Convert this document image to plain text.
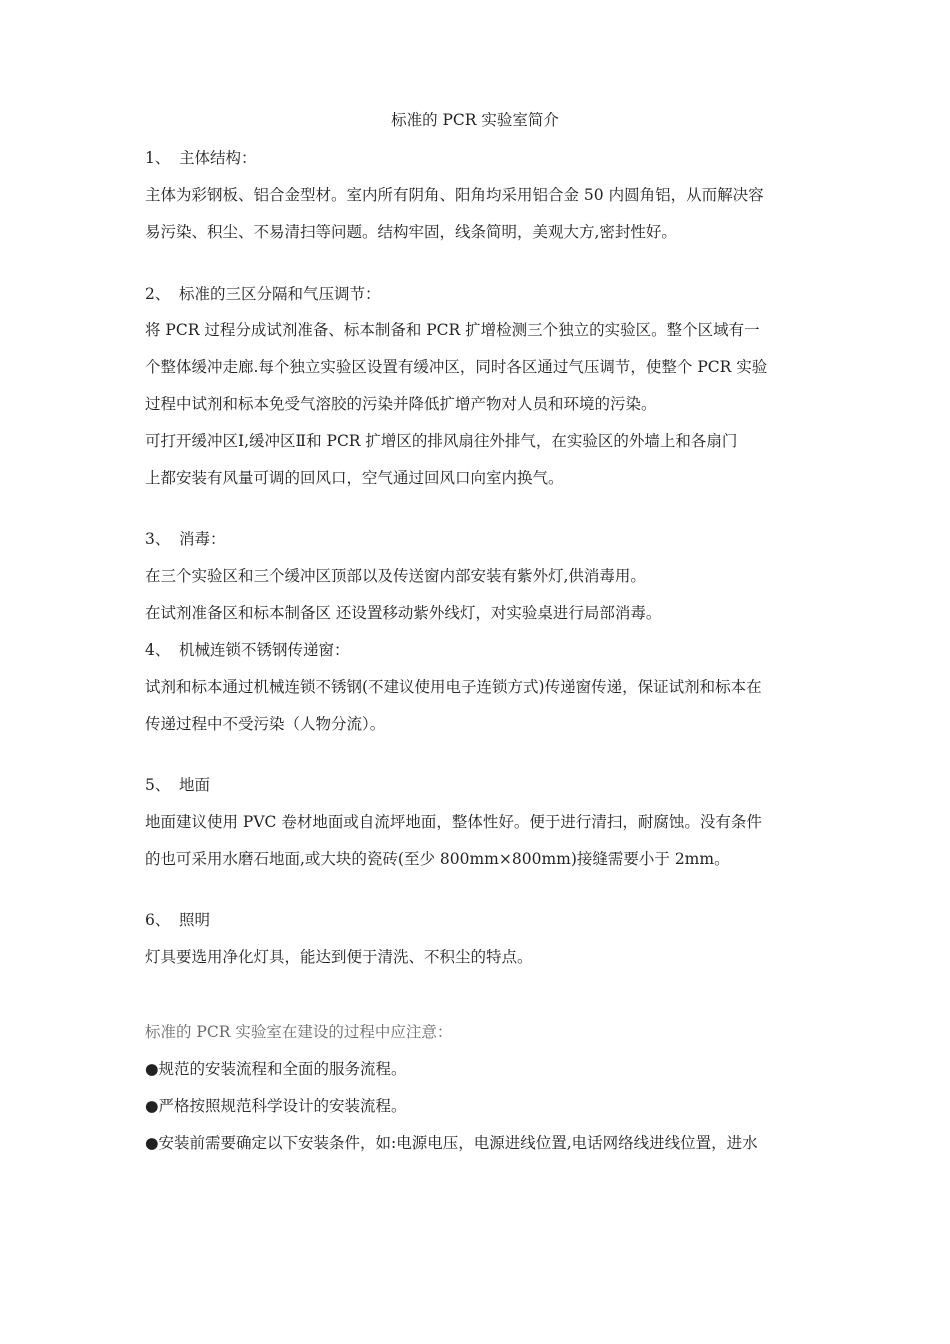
标准的 PCR 实验室简介
1、 主体结构：
主体为彩钢板、铝合金型材。室内所有阴角、阳角均采用铝合金 50 内圆角铝，从而解决容
易污染、积尘、不易清扫等问题。结构牢固，线条简明，美观大方,密封性好。
2、 标准的三区分隔和气压调节：
将 PCR 过程分成试剂准备、标本制备和 PCR 扩增检测三个独立的实验区。整个区域有一
个整体缓冲走廊.每个独立实验区设置有缓冲区，同时各区通过气压调节，使整个 PCR 实验
过程中试剂和标本免受气溶胶的污染并降低扩增产物对人员和环境的污染。
可打开缓冲区Ⅰ,缓冲区Ⅱ和 PCR 扩增区的排风扇往外排气，在实验区的外墙上和各扇门
上都安装有风量可调的回风口，空气通过回风口向室内换气。
3、 消毒：
在三个实验区和三个缓冲区顶部以及传送窗内部安装有紫外灯,供消毒用。
在试剂准备区和标本制备区 还设置移动紫外线灯，对实验桌进行局部消毒。
4、 机械连锁不锈钢传递窗：
试剂和标本通过机械连锁不锈钢(不建议使用电子连锁方式)传递窗传递，保证试剂和标本在
传递过程中不受污染（人物分流）。
5、 地面
地面建议使用 PVC 卷材地面或自流坪地面，整体性好。便于进行清扫，耐腐蚀。没有条件
的也可采用水磨石地面,或大块的瓷砖(至少 800mm×800mm)接缝需要小于 2mm。
6、 照明
灯具要选用净化灯具，能达到便于清洗、不积尘的特点。
标准的 PCR 实验室在建设的过程中应注意：
●规范的安装流程和全面的服务流程。
●严格按照规范科学设计的安装流程。
●安装前需要确定以下安装条件，如:电源电压，电源进线位置,电话网络线进线位置，进水
